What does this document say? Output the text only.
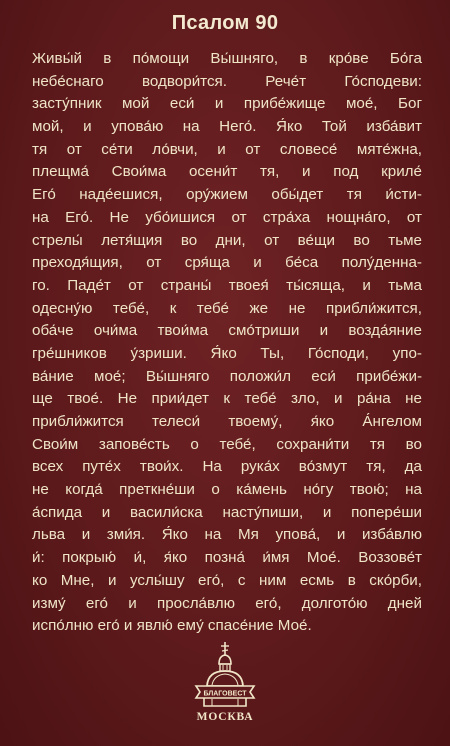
Псалом 90
Живы́й в по́мощи Вы́шняго, в кро́ве Бо́га
небе́снаго водвори́тся. Рече́т Го́сподеви:
засту́пник мой еси́ и прибе́жище мое́, Бог
мой, и упова́ю на Него́. Я́ко Той изба́вит
тя от се́ти ло́вчи, и от словесе́ мяте́жна,
плещма́ Свои́ма осени́т тя, и под криле́
Его́ наде́ешися, ору́жием обы́дет тя и́сти-
на Его́. Не убо́ишися от стра́ха нощна́го, от
стрелы́ летя́щия во дни, от ве́щи во тьме
преходя́щия, от сря́ща и бе́са полу́денна-
го. Паде́т от страны́ твоея́ ты́сяща, и тьма
одесну́ю тебе́, к тебе́ же не прибли́жится,
оба́че очи́ма твои́ма смо́триши и возда́яние
гре́шников у́зриши. Я́ко Ты, Го́споди, упо-
ва́ние мое́; Вы́шняго положи́л еси́ прибе́жи-
ще твое́. Не прии́дет к тебе́ зло, и ра́на не
прибли́жится телеси́ твоему́, я́ко А́нгелом
Свои́м запове́сть о тебе́, сохрани́ти тя во
всех путе́х твои́х. На рука́х во́змут тя, да
не когда́ преткне́ши о ка́мень но́гу твою́; на
а́спида и васили́ска насту́пиши, и попере́ши
льва и зми́я. Я́ко на Мя упова́, и изба́влю
и́: покрыю́ и́, я́ко позна́ и́мя Мое́. Воззове́т
ко Мне, и услы́шу его́, с ним есмь в ско́рби,
изму́ его́ и просла́влю его́, долгото́ю дней
испо́лню его́ и явлю́ ему́ спасе́ние Мое́.
БЛАГОВЕСТ
МОСКВА
